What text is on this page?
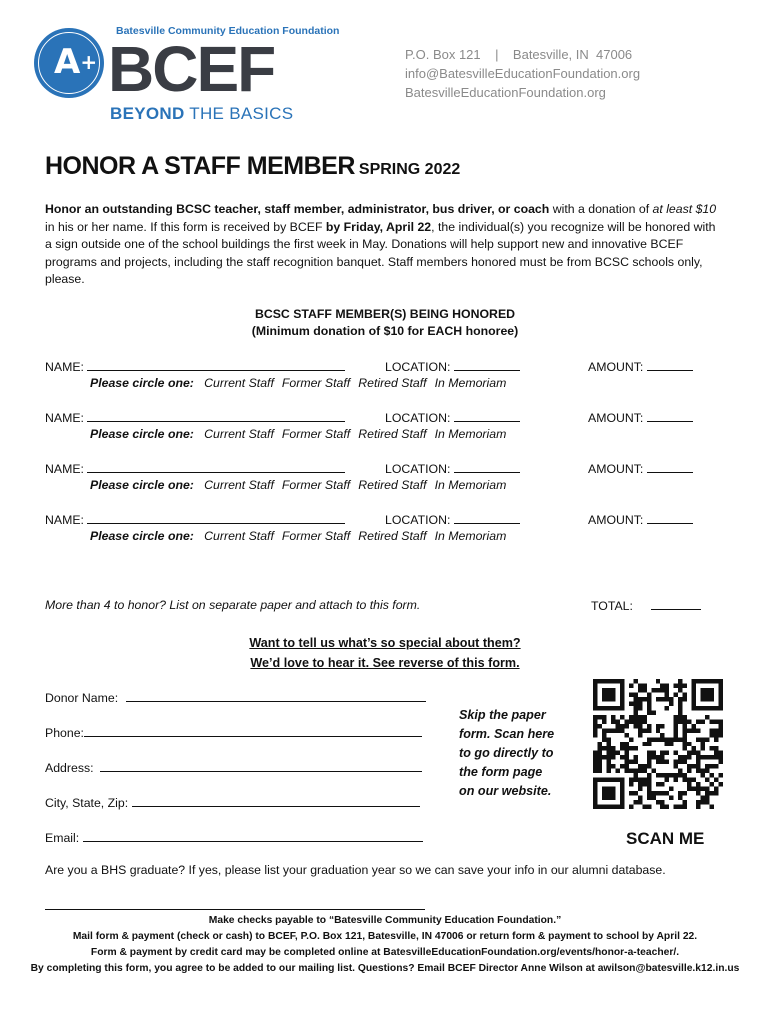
A+
Batesville Community Education Foundation
BCEF
BEYOND THE BASICS
P.O. Box 121    |    Batesville, IN  47006
info@BatesvilleEducationFoundation.org
BatesvilleEducationFoundation.org
HONOR A STAFF MEMBER SPRING 2022
Honor an outstanding BCSC teacher, staff member, administrator, bus driver, or coach with a donation of at least $10 in his or her name. If this form is received by BCEF by Friday, April 22, the individual(s) you recognize will be honored with a sign outside one of the school buildings the first week in May. Donations will help support new and innovative BCEF programs and projects, including the staff recognition banquet. Staff members honored must be from BCSC schools only, please.
BCSC STAFF MEMBER(S) BEING HONORED
(Minimum donation of $10 for EACH honoree)
NAME:	LOCATION:	AMOUNT:
Please circle one: Current Staff Former Staff Retired Staff In Memoriam
NAME:	LOCATION:	AMOUNT:
Please circle one: Current Staff Former Staff Retired Staff In Memoriam
NAME:	LOCATION:	AMOUNT:
Please circle one: Current Staff Former Staff Retired Staff In Memoriam
NAME:	LOCATION:	AMOUNT:
Please circle one: Current Staff Former Staff Retired Staff In Memoriam
More than 4 to honor? List on separate paper and attach to this form.	TOTAL:
Want to tell us what’s so special about them?
We’d love to hear it. See reverse of this form.
Donor Name:
Phone:
Address:
City, State, Zip:
Email:
Skip the paper
form. Scan here
to go directly to
the form page
on our website.
SCAN ME
Are you a BHS graduate? If yes, please list your graduation year so we can save your info in our alumni database.
Make checks payable to “Batesville Community Education Foundation.”
Mail form & payment (check or cash) to BCEF, P.O. Box 121, Batesville, IN 47006 or return form & payment to school by April 22.
Form & payment by credit card may be completed online at BatesvilleEducationFoundation.org/events/honor-a-teacher/.
By completing this form, you agree to be added to our mailing list. Questions? Email BCEF Director Anne Wilson at awilson@batesville.k12.in.us
